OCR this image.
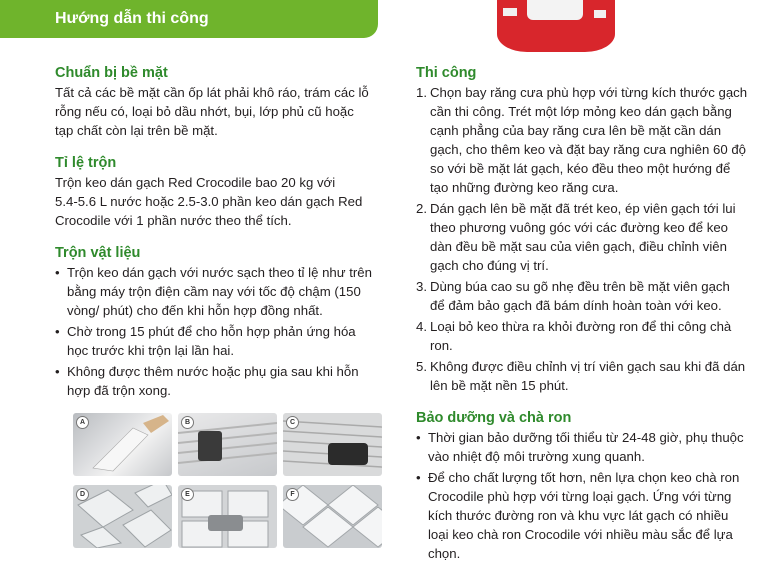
Hướng dẫn thi công
Chuẩn bị bề mặt

Tất cả các bề mặt cần ốp lát phải khô ráo, trám các lỗ

rỗng nếu có, loại bỏ dầu nhớt, bụi, lớp phủ cũ hoặc

tạp chất còn lại trên bề mặt.

Tỉ lệ trộn

Trộn keo dán gạch Red Crocodile bao 20 kg với

5.4-5.6 L nước hoặc 2.5-3.0 phần keo dán gạch Red

Crocodile với 1 phần nước theo thể tích.

Trộn vật liệu
• Trộn keo dán gạch với nước sạch theo tỉ lệ như trên
bằng máy trộn điện cầm nay với tốc độ chậm (150
vòng/ phút) cho đến khi hỗn hợp đồng nhất.
• Chờ trong 15 phút để cho hỗn hợp phản ứng hóa
học trước khi trộn lại lần hai.
• Không được thêm nước hoặc phụ gia sau khi hỗn
hợp đã trộn xong.
A	B	C
D	E	F
Thi công
1. Chọn bay răng cưa phù hợp với từng kích thước gạch
cần thi công. Trét một lớp mỏng keo dán gạch bằng
cạnh phẳng của bay răng cưa lên bề mặt cần dán
gạch, cho thêm keo và đặt bay răng cưa nghiên 60 độ
so với bề mặt lát gạch, kéo đều theo một hướng để
tạo những đường keo răng cưa.
2. Dán gạch lên bề mặt đã trét keo, ép viên gạch tới lui
theo phương vuông góc với các đường keo để keo
dàn đều bề mặt sau của viên gạch, điều chỉnh viên
gạch cho đúng vị trí.
3. Dùng búa cao su gõ nhẹ đều trên bề mặt viên gạch
để đảm bảo gạch đã bám dính hoàn toàn với keo.
4. Loại bỏ keo thừa ra khỏi đường ron để thi công chà
ron.
5. Không được điều chỉnh vị trí viên gạch sau khi đã dán
lên bề mặt nền 15 phút.
Bảo dưỡng và chà ron
• Thời gian bảo dưỡng tối thiểu từ 24-48 giờ, phụ thuộc
vào nhiệt độ môi trường xung quanh.
• Để cho chất lượng tốt hơn, nên lựa chọn keo chà ron
Crocodile phù hợp với từng loại gạch. Ứng với từng
kích thước đường ron và khu vực lát gạch có nhiều
loại keo chà ron Crocodile với nhiều màu sắc để lựa
chọn.
